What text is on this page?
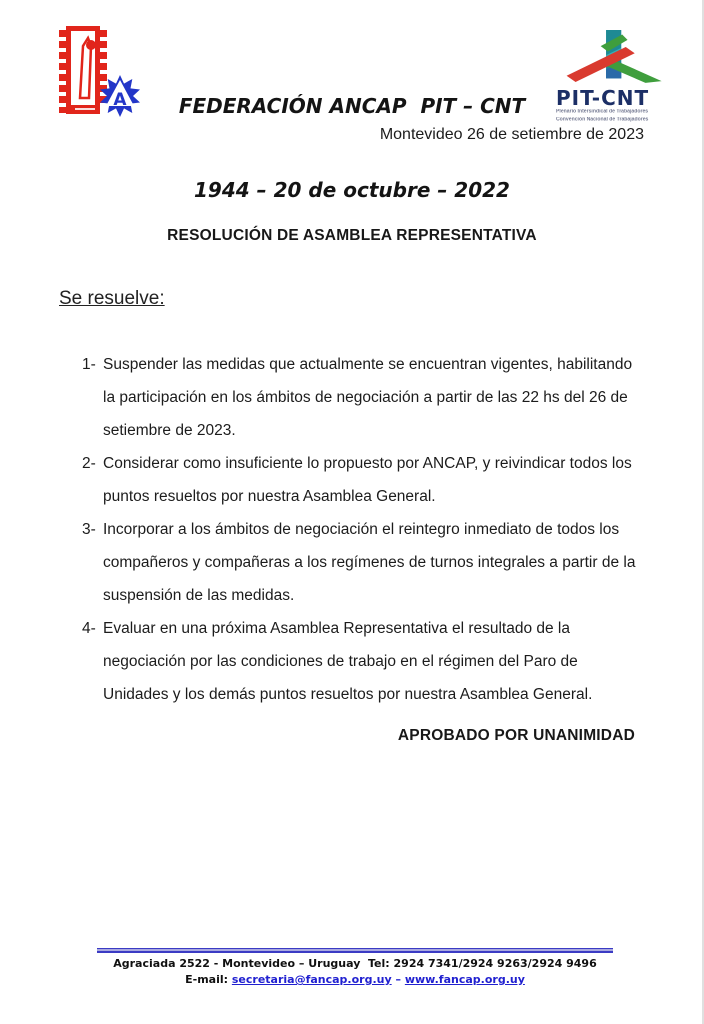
A

	FEDERACIÓN ANCAP  PIT – CNT

1944 – 20 de octubre – 2022

PIT-CNT
Plenario Intersindical de Trabajadores
Convención Nacional de Trabajadores
Montevideo 26 de setiembre de 2023
RESOLUCIÓN DE ASAMBLEA REPRESENTATIVA
Se resuelve:
1- Suspender las medidas que actualmente se encuentran vigentes, habilitando
la participación en los ámbitos de negociación a partir de las 22 hs del 26 de
setiembre de 2023.
2- Considerar como insuficiente lo propuesto por ANCAP, y reivindicar todos los
puntos resueltos por nuestra Asamblea General.
3- Incorporar a los ámbitos de negociación el reintegro inmediato de todos los
compañeros y compañeras a los regímenes de turnos integrales a partir de la
suspensión de las medidas.
4- Evaluar en una próxima Asamblea Representativa el resultado de la
negociación por las condiciones de trabajo en el régimen del Paro de
Unidades y los demás puntos resueltos por nuestra Asamblea General.
APROBADO POR UNANIMIDAD
Agraciada 2522 - Montevideo – Uruguay  Tel: 2924 7341/2924 9263/2924 9496
E-mail: secretaria@fancap.org.uy – www.fancap.org.uy
